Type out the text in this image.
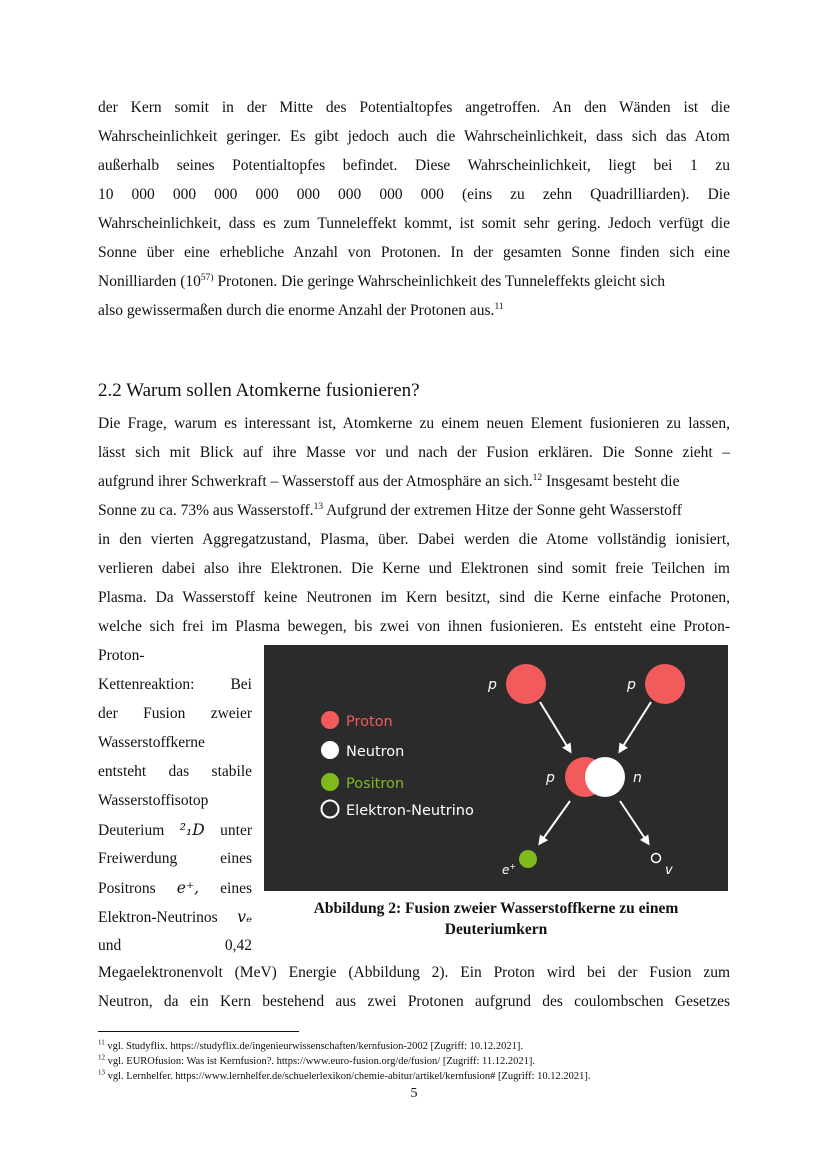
der Kern somit in der Mitte des Potentialtopfes angetroffen. An den Wänden ist die
Wahrscheinlichkeit geringer. Es gibt jedoch auch die Wahrscheinlichkeit, dass sich das Atom
außerhalb seines Potentialtopfes befindet. Diese Wahrscheinlichkeit, liegt bei 1 zu
10 000 000 000 000 000 000 000 000 (eins zu zehn Quadrilliarden). Die
Wahrscheinlichkeit, dass es zum Tunneleffekt kommt, ist somit sehr gering. Jedoch verfügt die
Sonne über eine erhebliche Anzahl von Protonen. In der gesamten Sonne finden sich eine
Nonilliarden (10$^{57)}$ Protonen. Die geringe Wahrscheinlichkeit des Tunneleffekts gleicht sich
also gewissermaßen durch die enorme Anzahl der Protonen aus.$^{11}$
2.2 Warum sollen Atomkerne fusionieren?
Die Frage, warum es interessant ist, Atomkerne zu einem neuen Element fusionieren zu lassen,
lässt sich mit Blick auf ihre Masse vor und nach der Fusion erklären. Die Sonne zieht –
aufgrund ihrer Schwerkraft – Wasserstoff aus der Atmosphäre an sich.$^{12}$ Insgesamt besteht die
Sonne zu ca. 73% aus Wasserstoff.$^{13}$ Aufgrund der extremen Hitze der Sonne geht Wasserstoff
in den vierten Aggregatzustand, Plasma, über. Dabei werden die Atome vollständig ionisiert,
verlieren dabei also ihre Elektronen. Die Kerne und Elektronen sind somit freie Teilchen im
Plasma. Da Wasserstoff keine Neutronen im Kern besitzt, sind die Kerne einfache Protonen,
welche sich frei im Plasma bewegen, bis zwei von ihnen fusionieren. Es entsteht eine Proton-
Proton-
Kettenreaktion: Bei
der Fusion zweier
Wasserstoffkerne
entsteht das stabile
Wasserstoffisotop
Deuterium ²₁D unter
Freiwerdung	eines
Positrons e⁺, eines
Elektron-Neutrinos vₑ
und	0,42
Proton
Neutron
Positron
Elektron-Neutrino
p	p
p	n
e+	v
Abbildung 2: Fusion zweier Wasserstoffkerne zu einem
Deuteriumkern
Megaelektronenvolt (MeV) Energie (Abbildung 2). Ein Proton wird bei der Fusion zum
Neutron, da ein Kern bestehend aus zwei Protonen aufgrund des coulombschen Gesetzes
$^{11}$ vgl. Studyflix. https://studyflix.de/ingenieurwissenschaften/kernfusion-2002 [Zugriff: 10.12.2021].
$^{12}$ vgl. EUROfusion: Was ist Kernfusion?. https://www.euro-fusion.org/de/fusion/ [Zugriff: 11.12.2021].
$^{13}$ vgl. Lernhelfer. https://www.lernhelfer.de/schuelerlexikon/chemie-abitur/artikel/kernfusion# [Zugriff: 10.12.2021].
5
